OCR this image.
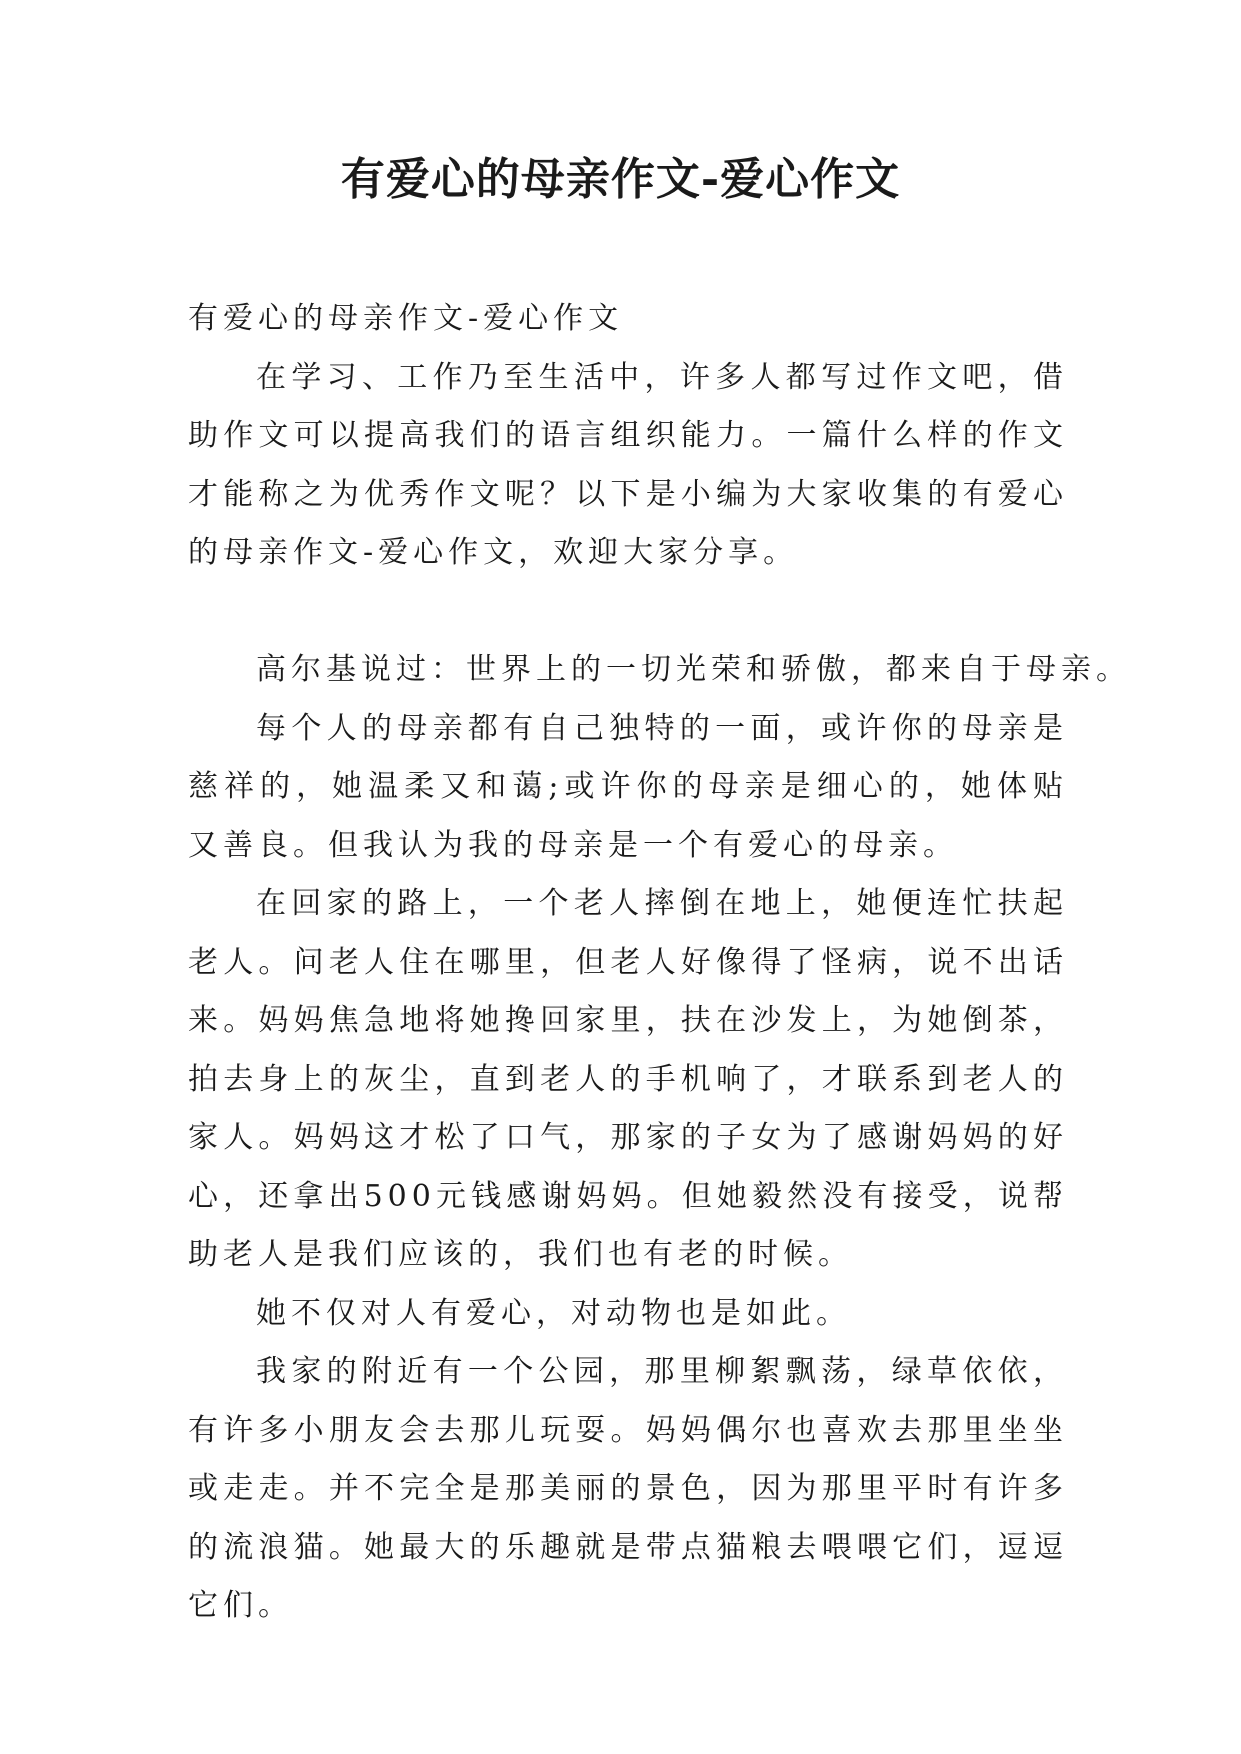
有爱心的母亲作文-爱心作文

有爱心的母亲作文-爱心作文

在学习、工作乃至生活中，许多人都写过作文吧，借助作文可以提高我们的语言组织能力。一篇什么样的作文才能称之为优秀作文呢？以下是小编为大家收集的有爱心的母亲作文-爱心作文，欢迎大家分享。

高尔基说过：世界上的一切光荣和骄傲，都来自于母亲。

每个人的母亲都有自己独特的一面，或许你的母亲是慈祥的，她温柔又和蔼;或许你的母亲是细心的，她体贴又善良。但我认为我的母亲是一个有爱心的母亲。

在回家的路上，一个老人摔倒在地上，她便连忙扶起老人。问老人住在哪里，但老人好像得了怪病，说不出话来。妈妈焦急地将她搀回家里，扶在沙发上，为她倒茶，拍去身上的灰尘，直到老人的手机响了，才联系到老人的家人。妈妈这才松了口气，那家的子女为了感谢妈妈的好心，还拿出500元钱感谢妈妈。但她毅然没有接受，说帮助老人是我们应该的，我们也有老的时候。

她不仅对人有爱心，对动物也是如此。

我家的附近有一个公园，那里柳絮飘荡，绿草依依，有许多小朋友会去那儿玩耍。妈妈偶尔也喜欢去那里坐坐或走走。并不完全是那美丽的景色，因为那里平时有许多的流浪猫。她最大的乐趣就是带点猫粮去喂喂它们，逗逗它们。
